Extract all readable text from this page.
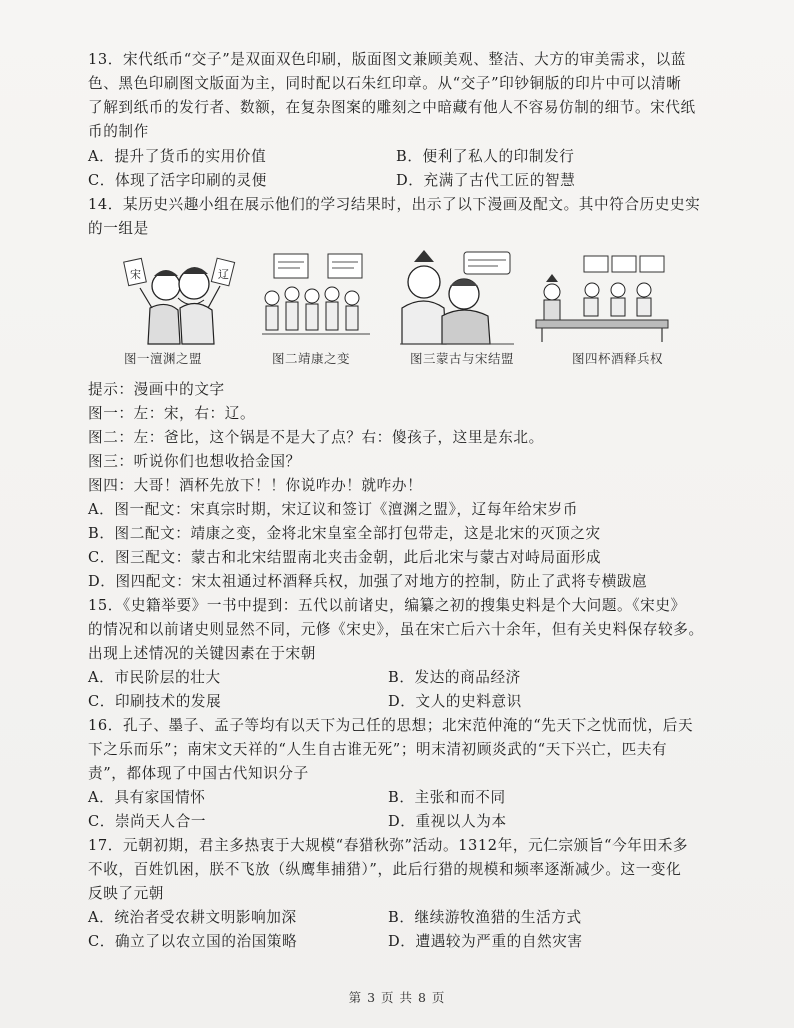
13．宋代纸币“交子”是双面双色印刷，版面图文兼顾美观、整洁、大方的审美需求，以蓝
色、黑色印刷图文版面为主，同时配以石朱红印章。从“交子”印钞铜版的印片中可以清晰
了解到纸币的发行者、数额，在复杂图案的雕刻之中暗藏有他人不容易仿制的细节。宋代纸
币的制作
A．提升了货币的实用价值	B．便利了私人的印制发行
C．体现了活字印刷的灵便	D．充满了古代工匠的智慧
14．某历史兴趣小组在展示他们的学习结果时，出示了以下漫画及配文。其中符合历史史实
的一组是
宋	辽
图一澶渊之盟	图二靖康之变	图三蒙古与宋结盟	图四杯酒释兵权
提示：漫画中的文字
图一：左：宋，右：辽。
图二：左：爸比，这个锅是不是大了点？右：傻孩子，这里是东北。
图三：听说你们也想收拾金国？
图四：大哥！酒杯先放下！！你说咋办！就咋办！
A．图一配文：宋真宗时期，宋辽议和签订《澶渊之盟》，辽每年给宋岁币
B．图二配文：靖康之变，金将北宋皇室全部打包带走，这是北宋的灭顶之灾
C．图三配文：蒙古和北宋结盟南北夹击金朝，此后北宋与蒙古对峙局面形成
D．图四配文：宋太祖通过杯酒释兵权，加强了对地方的控制，防止了武将专横跋扈
15．《史籍举要》一书中提到：五代以前诸史，编纂之初的搜集史料是个大问题。《宋史》
的情况和以前诸史则显然不同，元修《宋史》，虽在宋亡后六十余年，但有关史料保存较多。
出现上述情况的关键因素在于宋朝
A．市民阶层的壮大	B．发达的商品经济
C．印刷技术的发展	D．文人的史料意识
16．孔子、墨子、孟子等均有以天下为己任的思想；北宋范仲淹的“先天下之忧而忧，后天
下之乐而乐”；南宋文天祥的“人生自古谁无死”；明末清初顾炎武的“天下兴亡，匹夫有
责”，都体现了中国古代知识分子
A．具有家国情怀	B．主张和而不同
C．崇尚天人合一	D．重视以人为本
17．元朝初期，君主多热衷于大规模“春猎秋弥”活动。1312年，元仁宗颁旨“今年田禾多
不收，百姓饥困，朕不飞放（纵鹰隼捕猎）”，此后行猎的规模和频率逐渐减少。这一变化
反映了元朝
A．统治者受农耕文明影响加深	B．继续游牧渔猎的生活方式
C．确立了以农立国的治国策略	D．遭遇较为严重的自然灾害
第 3 页 共 8 页
